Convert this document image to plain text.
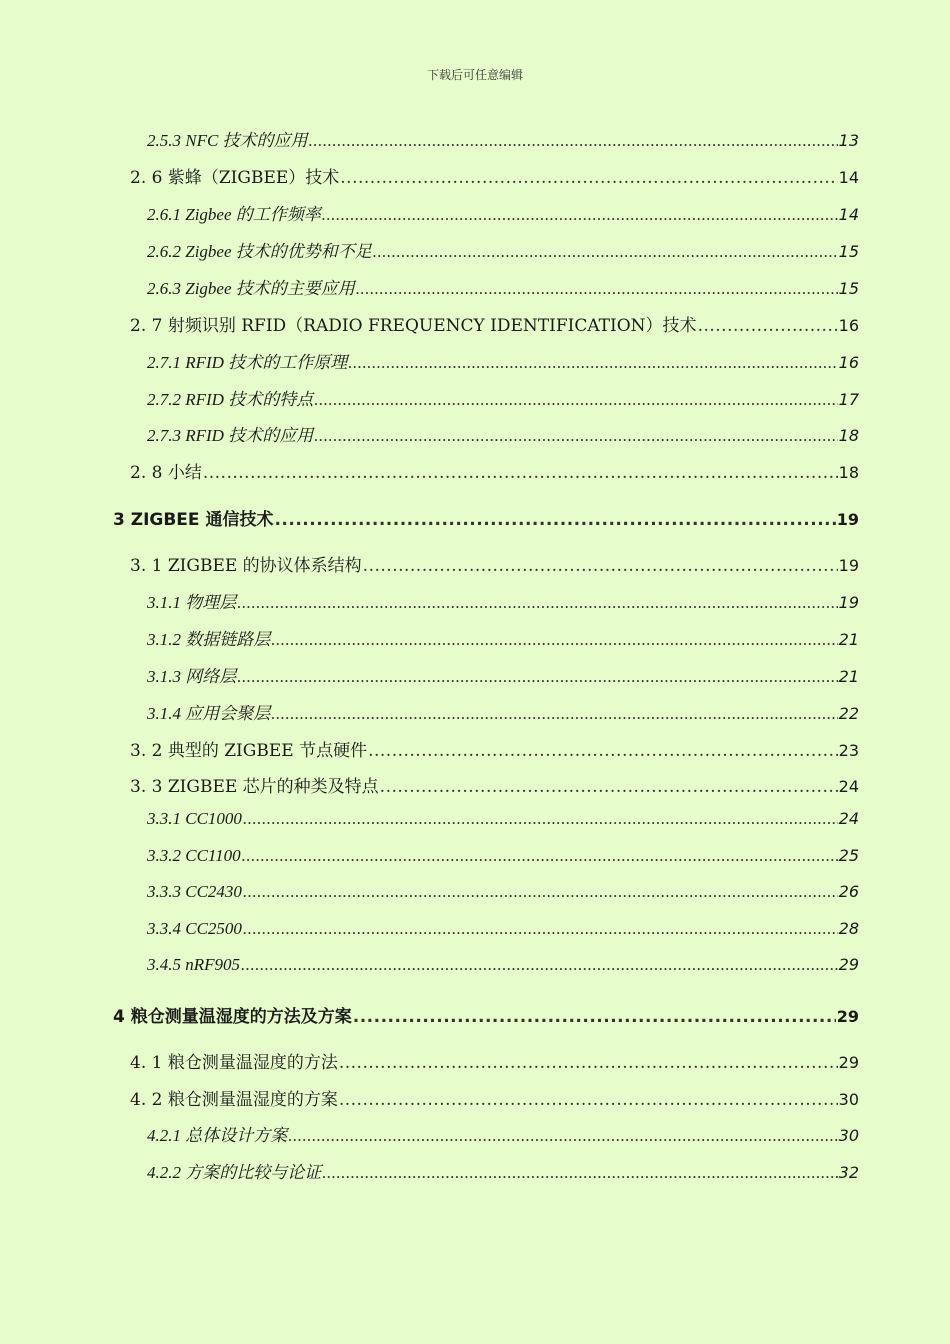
下载后可任意编辑
2.5.3 NFC 技术的应用 .....	13
2. 6 紫蜂（ZIGBEE）技术 .....	14
2.6.1 Zigbee 的工作频率 .....	14
2.6.2 Zigbee 技术的优势和不足 .....	15
2.6.3 Zigbee 技术的主要应用 .....	15
2. 7 射频识别 RFID（RADIO FREQUENCY IDENTIFICATION）技术 .....	16
2.7.1 RFID 技术的工作原理 .....	16
2.7.2 RFID 技术的特点 .....	17
2.7.3 RFID 技术的应用 .....	18
2. 8 小结 .....	18
3 ZIGBEE 通信技术 .....	19
3. 1 ZIGBEE 的协议体系结构 .....	19
3.1.1 物理层 .....	19
3.1.2 数据链路层 .....	21
3.1.3 网络层 .....	21
3.1.4 应用会聚层 .....	22
3. 2 典型的 ZIGBEE 节点硬件 .....	23
3. 3 ZIGBEE 芯片的种类及特点 .....	24
3.3.1 CC1000 .....	24
3.3.2 CC1100 .....	25
3.3.3 CC2430 .....	26
3.3.4 CC2500 .....	28
3.4.5 nRF905 .....	29
4 粮仓测量温湿度的方法及方案 .....	29
4. 1 粮仓测量温湿度的方法 .....	29
4. 2 粮仓测量温湿度的方案 .....	30
4.2.1 总体设计方案 .....	30
4.2.2 方案的比较与论证 .....	32
